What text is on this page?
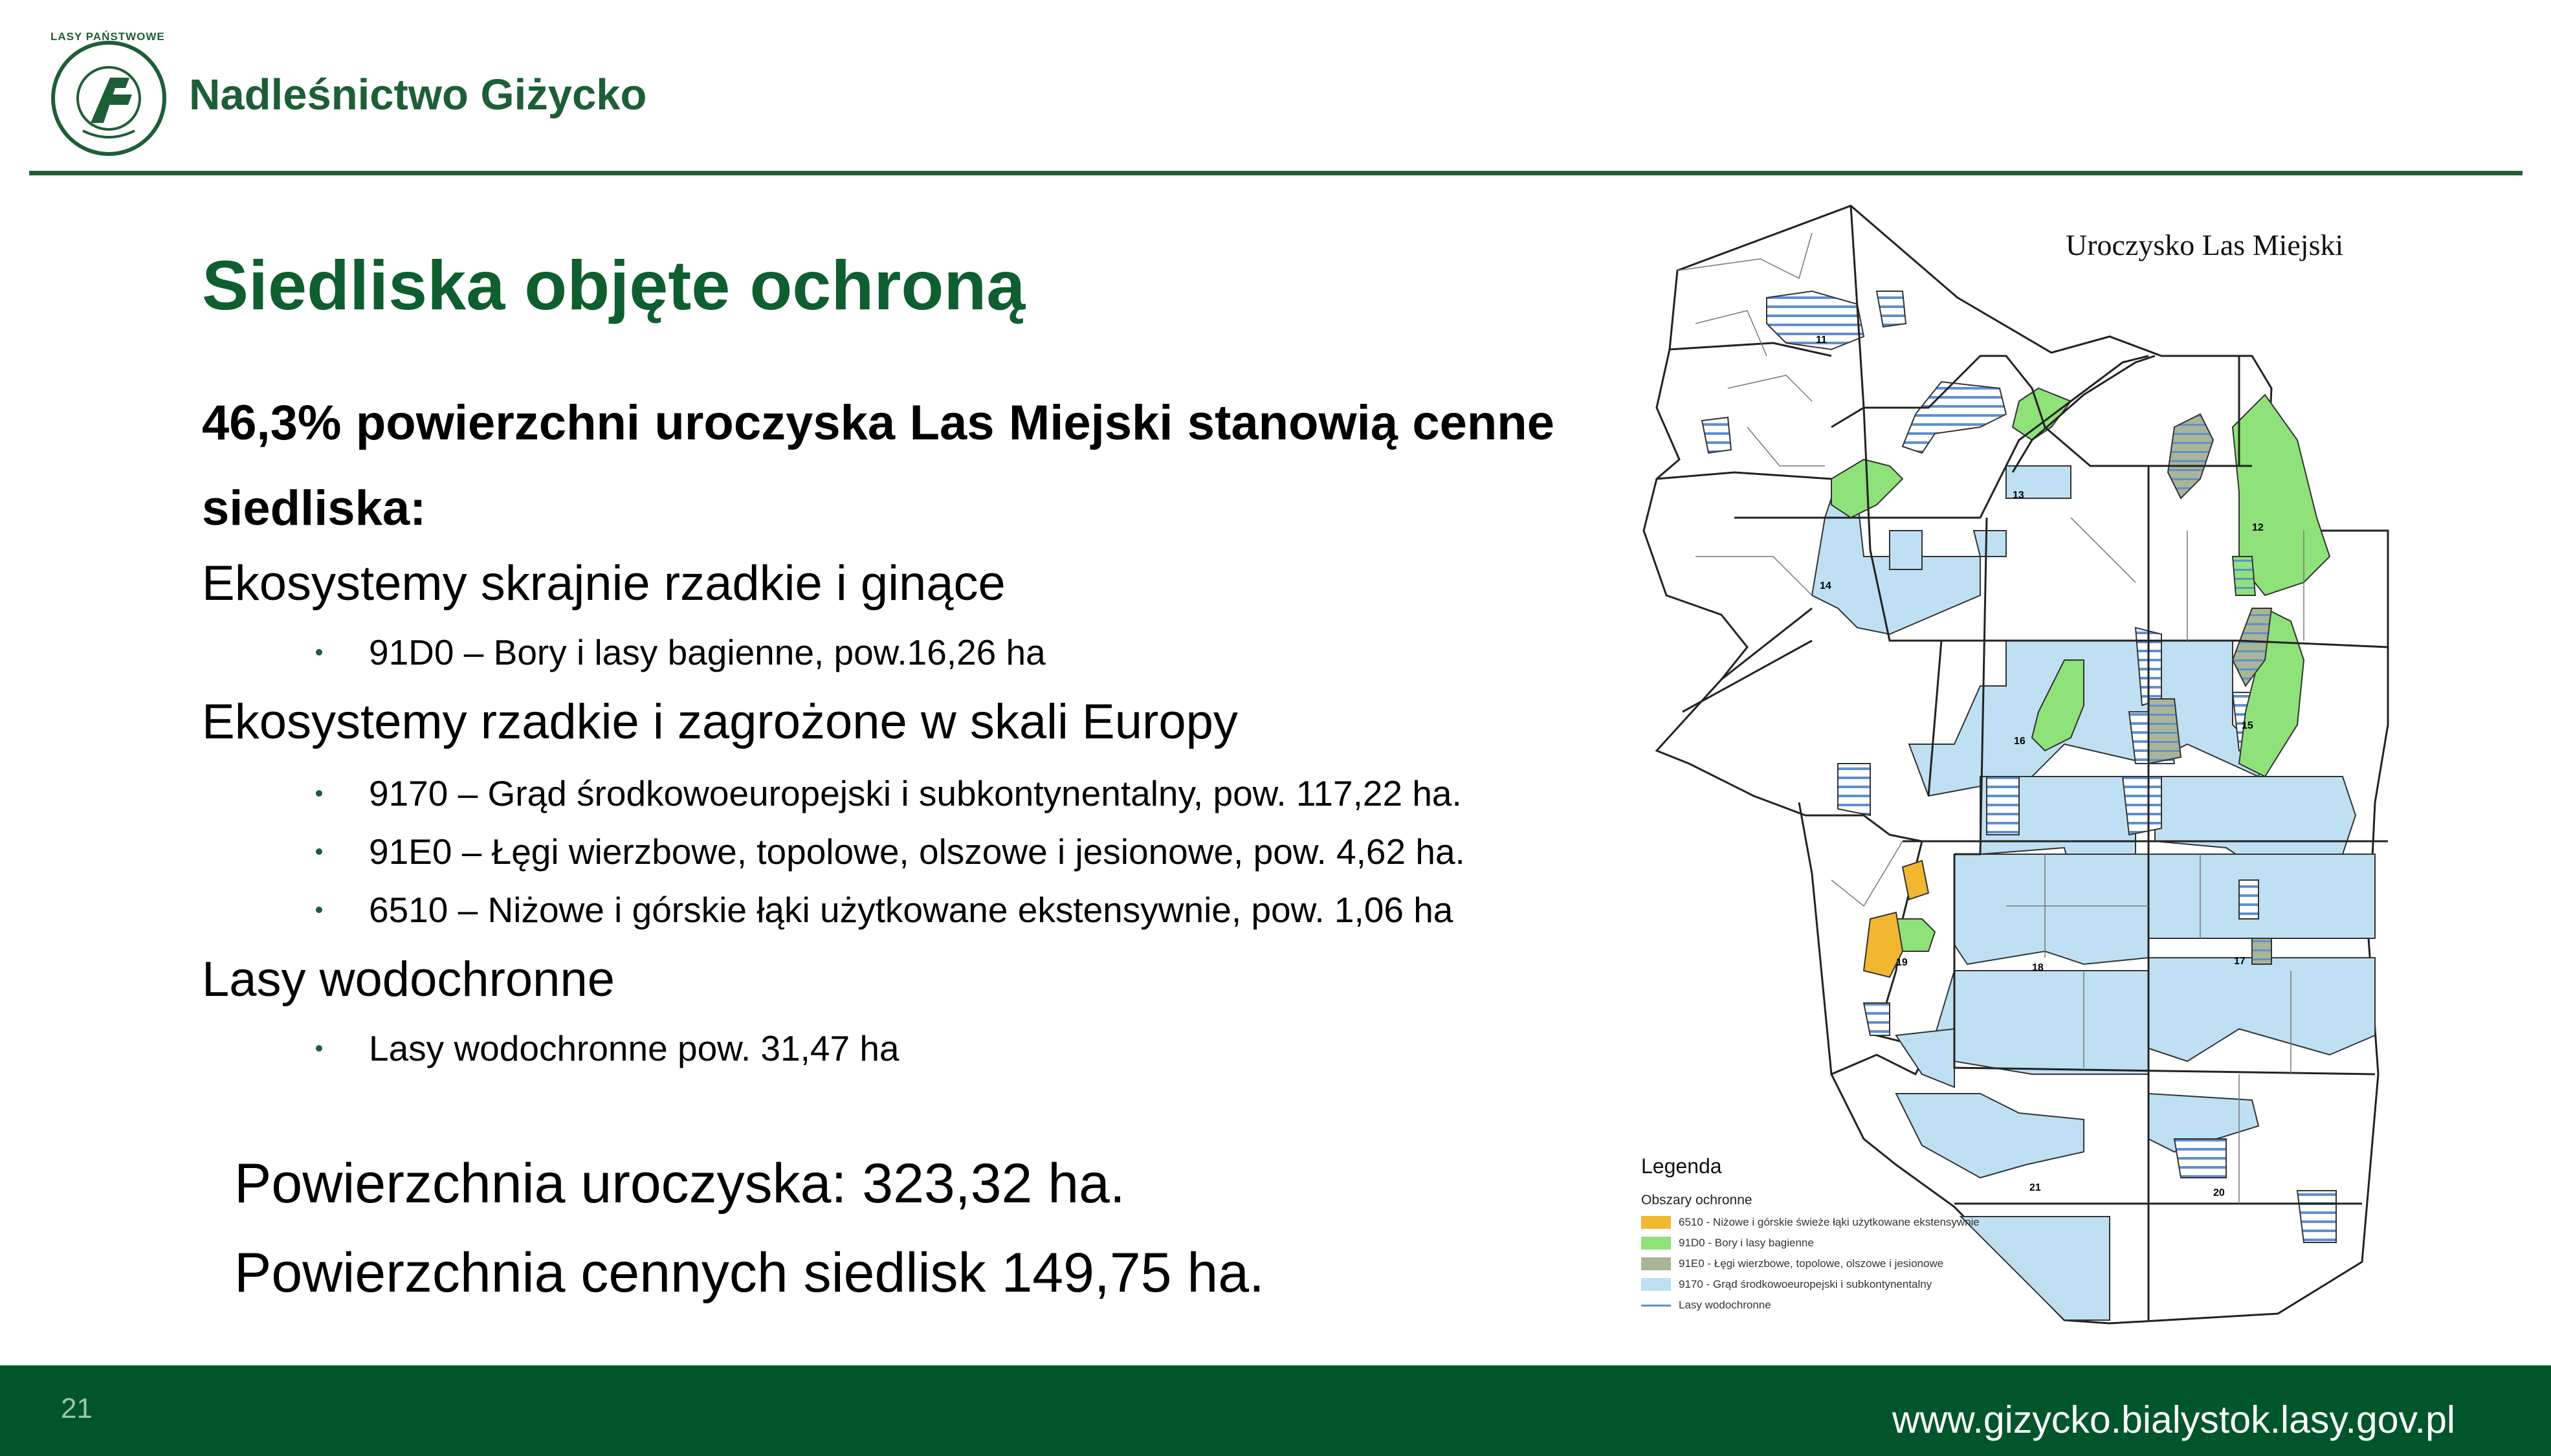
LASY PAŃSTWOWE
Nadleśnictwo Giżycko
Siedliska objęte ochroną
46,3% powierzchni uroczyska Las Miejski stanowią cenne siedliska:
Ekosystemy skrajnie rzadkie i ginące
91D0 – Bory i lasy bagienne, pow.16,26 ha
Ekosystemy rzadkie i zagrożone w skali Europy
9170 – Grąd środkowoeuropejski i subkontynentalny, pow. 117,22 ha.
91E0 – Łęgi wierzbowe, topolowe, olszowe i jesionowe, pow. 4,62 ha.
6510 – Niżowe i górskie łąki użytkowane ekstensywnie, pow. 1,06 ha
Lasy wodochronne
Lasy wodochronne pow. 31,47 ha
Powierzchnia uroczyska: 323,32 ha.
Powierzchnia cennych siedlisk 149,75 ha.
11
12
13
14
15
16
17
18
19
20
21
Uroczysko Las Miejski
Legenda
Obszary ochronne
6510 - Niżowe i górskie świeże łąki użytkowane ekstensywnie
91D0 - Bory i lasy bagienne
91E0 - Łęgi wierzbowe, topolowe, olszowe i jesionowe
9170 - Grąd środkowoeuropejski i subkontynentalny
Lasy wodochronne
21	www.gizycko.bialystok.lasy.gov.pl
